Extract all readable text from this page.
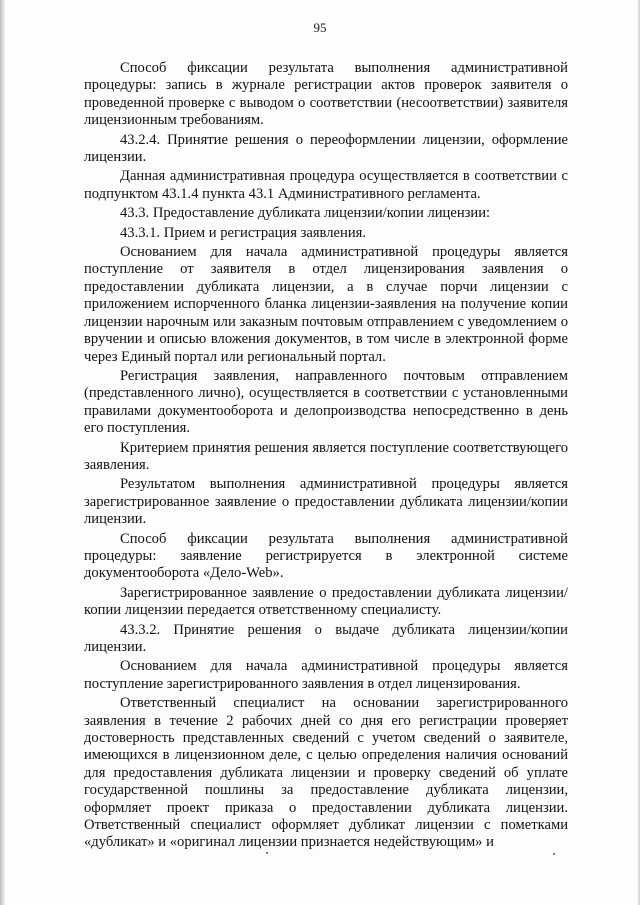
95

Способ фиксации результата выполнения административной процедуры: запись в журнале регистрации актов проверок заявителя о проведенной проверке с выводом о соответствии (несоответствии) заявителя лицензионным требованиям.

43.2.4. Принятие решения о переоформлении лицензии, оформление лицензии.

Данная административная процедура осуществляется в соответствии с подпунктом 43.1.4 пункта 43.1 Административного регламента.

43.3. Предоставление дубликата лицензии/копии лицензии:

43.3.1. Прием и регистрация заявления.

Основанием для начала административной процедуры является поступление от заявителя в отдел лицензирования заявления о предоставлении дубликата лицензии, а в случае порчи лицензии с приложением испорченного бланка лицензии-заявления на получение копии лицензии нарочным или заказным почтовым отправлением с уведомлением о вручении и описью вложения документов, в том числе в электронной форме через Единый портал или региональный портал.

Регистрация заявления, направленного почтовым отправлением (представленного лично), осуществляется в соответствии с установленными правилами документооборота и делопроизводства непосредственно в день его поступления.

Критерием принятия решения является поступление соответствующего заявления.

Результатом выполнения административной процедуры является зарегистрированное заявление о предоставлении дубликата лицензии/копии лицензии.

Способ фиксации результата выполнения административной процедуры: заявление регистрируется в электронной системе документооборота «Дело-Web».

Зарегистрированное заявление о предоставлении дубликата лицензии/копии лицензии передается ответственному специалисту.

43.3.2. Принятие решения о выдаче дубликата лицензии/копии лицензии.

Основанием для начала административной процедуры является поступление зарегистрированного заявления в отдел лицензирования.

Ответственный специалист на основании зарегистрированного заявления в течение 2 рабочих дней со дня его регистрации проверяет достоверность представленных сведений с учетом сведений о заявителе, имеющихся в лицензионном деле, с целью определения наличия оснований для предоставления дубликата лицензии и проверку сведений об уплате государственной пошлины за предоставление дубликата лицензии, оформляет проект приказа о предоставлении дубликата лицензии. Ответственный специалист оформляет дубликат лицензии с пометками «дубликат» и «оригинал лицензии признается недействующим» и
